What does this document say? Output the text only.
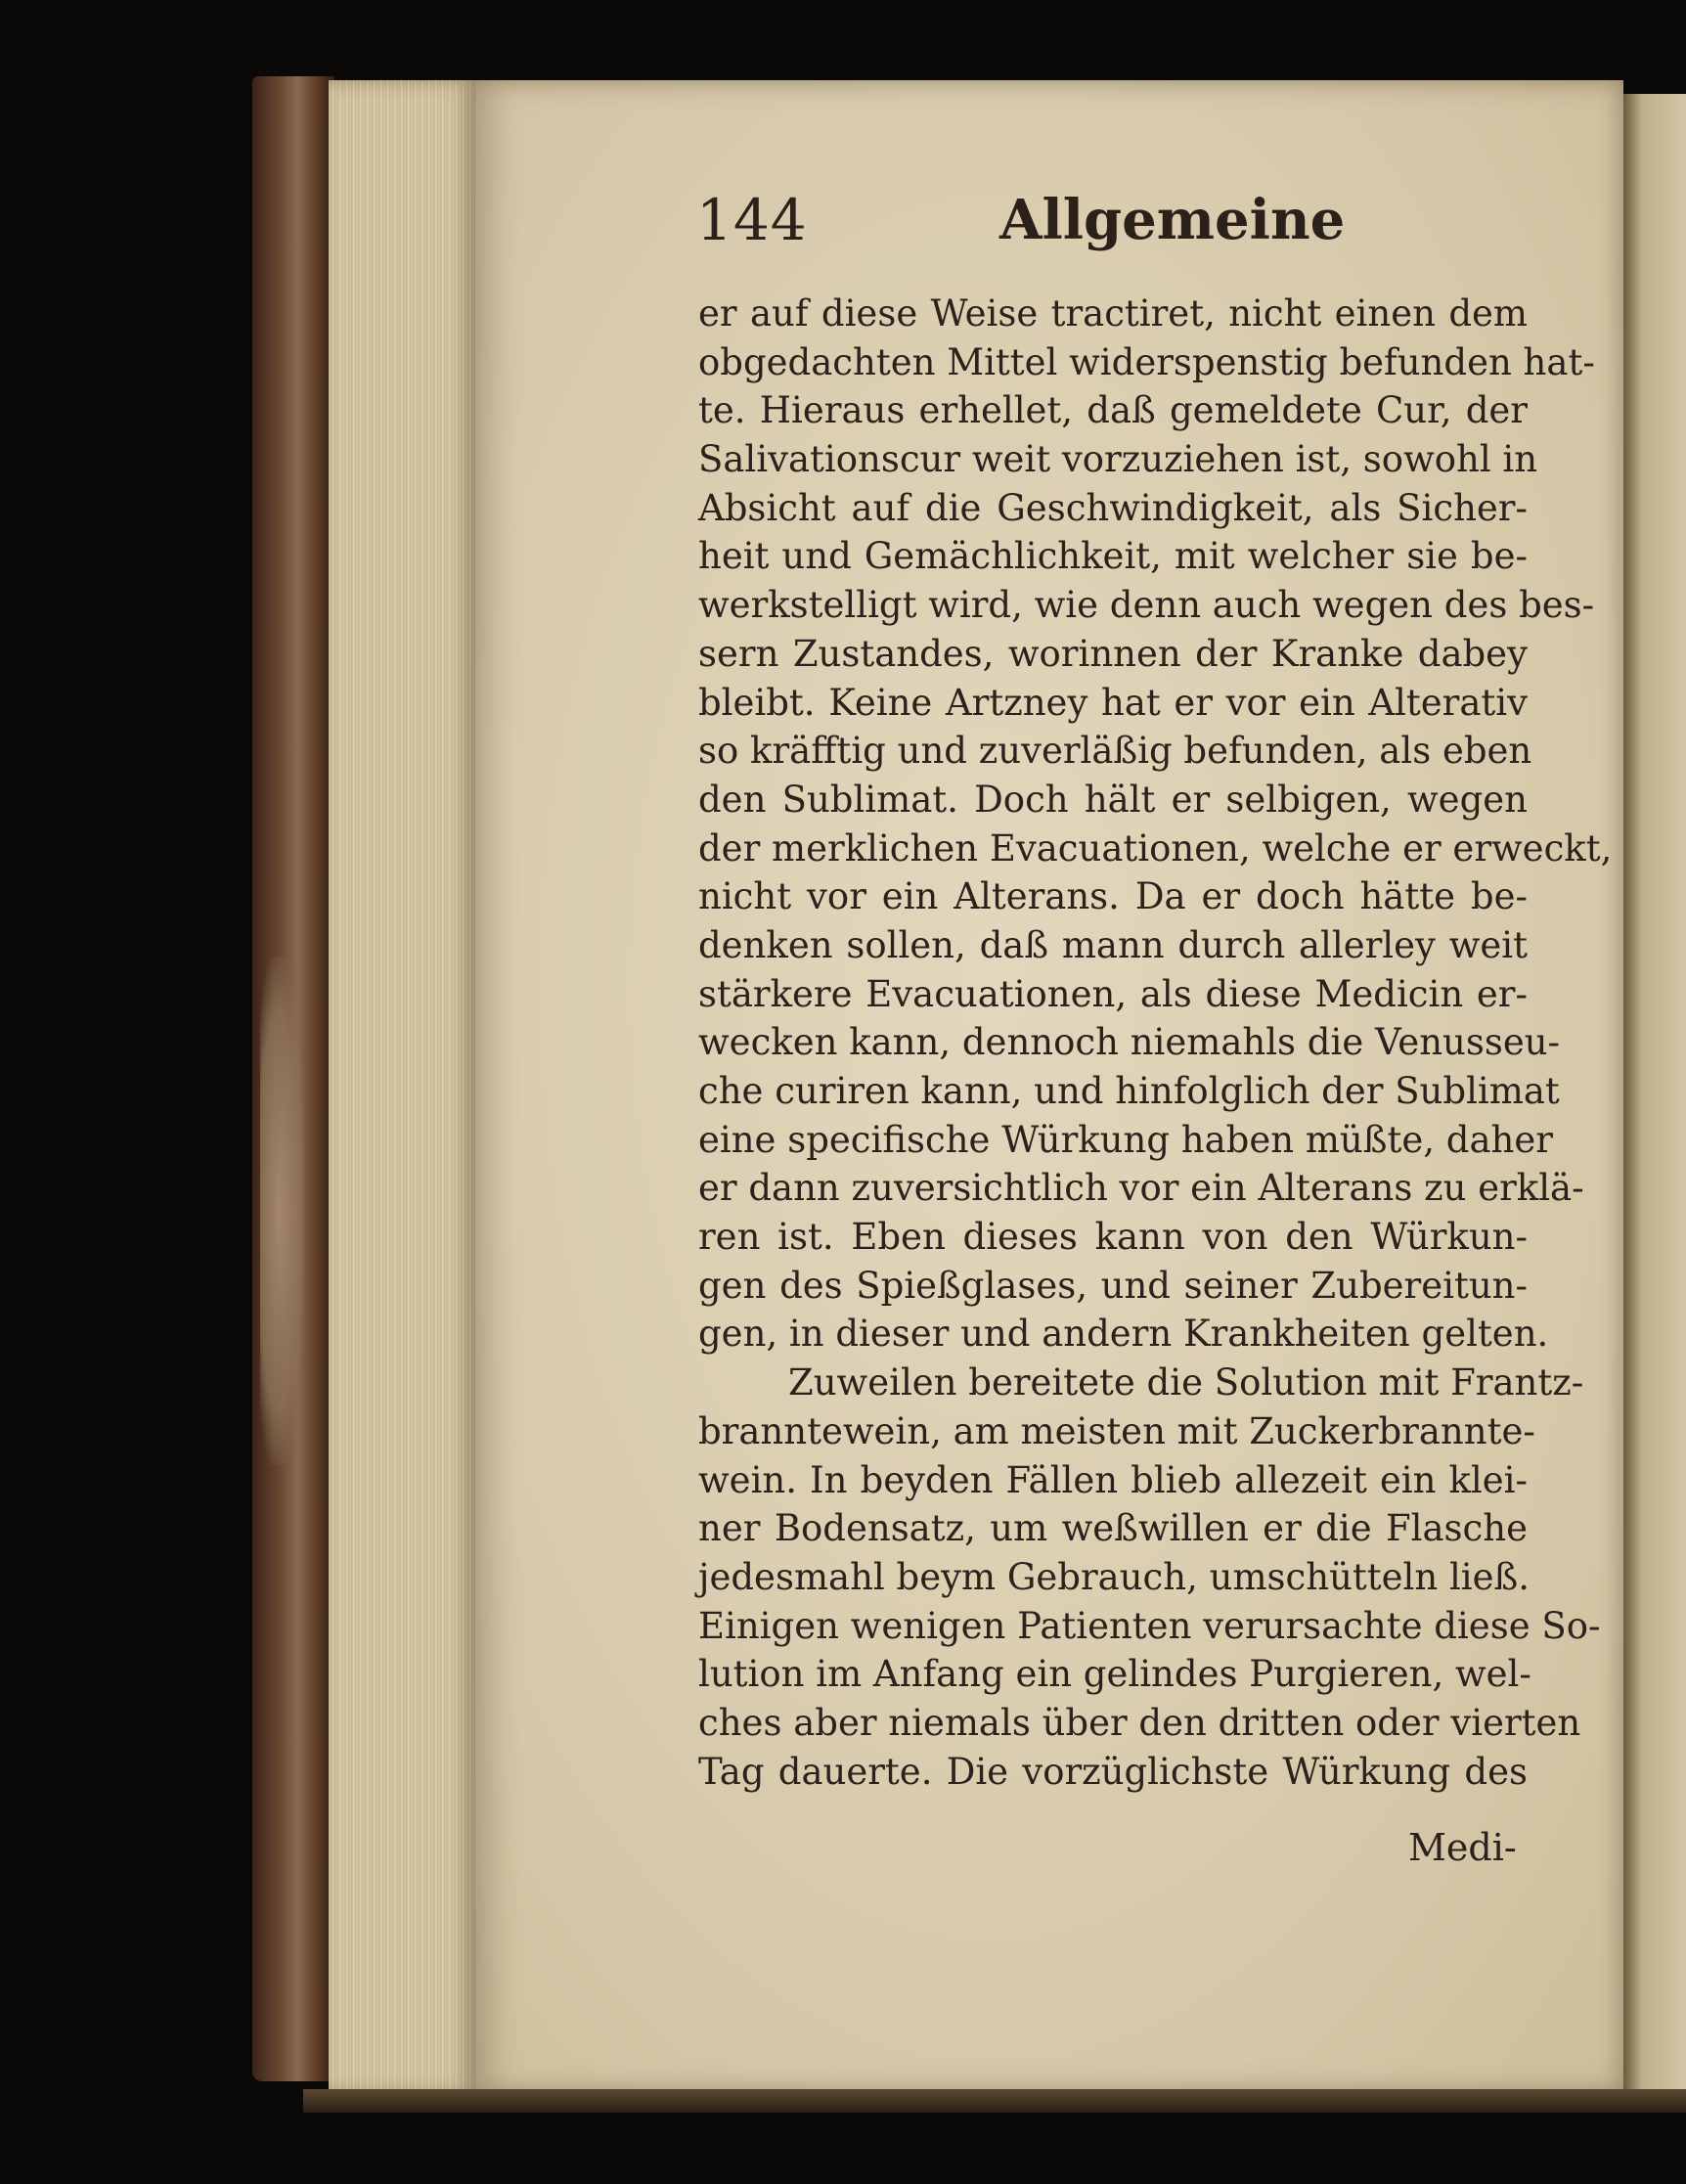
144	Allgemeine
er auf diese Weise tractiret, nicht einen dem
obgedachten Mittel widerspenstig befunden hat-
te. Hieraus erhellet, daß gemeldete Cur, der
Salivationscur weit vorzuziehen ist, sowohl in
Absicht auf die Geschwindigkeit, als Sicher-
heit und Gemächlichkeit, mit welcher sie be-
werkstelligt wird, wie denn auch wegen des bes-
sern Zustandes, worinnen der Kranke dabey
bleibt. Keine Artzney hat er vor ein Alterativ
so kräfftig und zuverläßig befunden, als eben
den Sublimat. Doch hält er selbigen, wegen
der merklichen Evacuationen, welche er erweckt,
nicht vor ein Alterans. Da er doch hätte be-
denken sollen, daß mann durch allerley weit
stärkere Evacuationen, als diese Medicin er-
wecken kann, dennoch niemahls die Venusseu-
che curiren kann, und hinfolglich der Sublimat
eine specifische Würkung haben müßte, daher
er dann zuversichtlich vor ein Alterans zu erklä-
ren ist. Eben dieses kann von den Würkun-
gen des Spießglases, und seiner Zubereitun-
gen, in dieser und andern Krankheiten gelten.
Zuweilen bereitete die Solution mit Frantz-
branntewein, am meisten mit Zuckerbrannte-
wein. In beyden Fällen blieb allezeit ein klei-
ner Bodensatz, um weßwillen er die Flasche
jedesmahl beym Gebrauch, umschütteln ließ.
Einigen wenigen Patienten verursachte diese So-
lution im Anfang ein gelindes Purgieren, wel-
ches aber niemals über den dritten oder vierten
Tag dauerte. Die vorzüglichste Würkung des
Medi-
